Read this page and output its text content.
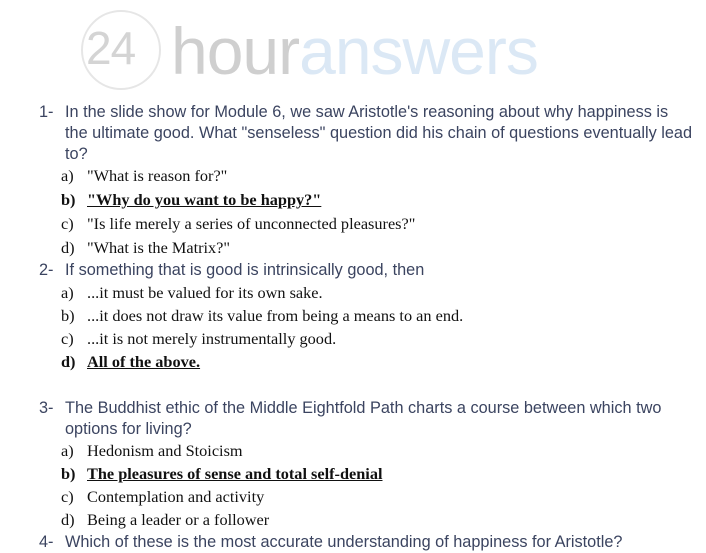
24 houranswers
1- In the slide show for Module 6, we saw Aristotle's reasoning about why happiness is the ultimate good. What "senseless" question did his chain of questions eventually lead to?
a) "What is reason for?"
b) "Why do you want to be happy?"
c) "Is life merely a series of unconnected pleasures?"
d) "What is the Matrix?"
2- If something that is good is intrinsically good, then
a) ...it must be valued for its own sake.
b) ...it does not draw its value from being a means to an end.
c) ...it is not merely instrumentally good.
d) All of the above.
3- The Buddhist ethic of the Middle Eightfold Path charts a course between which two options for living?
a) Hedonism and Stoicism
b) The pleasures of sense and total self-denial
c) Contemplation and activity
d) Being a leader or a follower
4- Which of these is the most accurate understanding of happiness for Aristotle?
